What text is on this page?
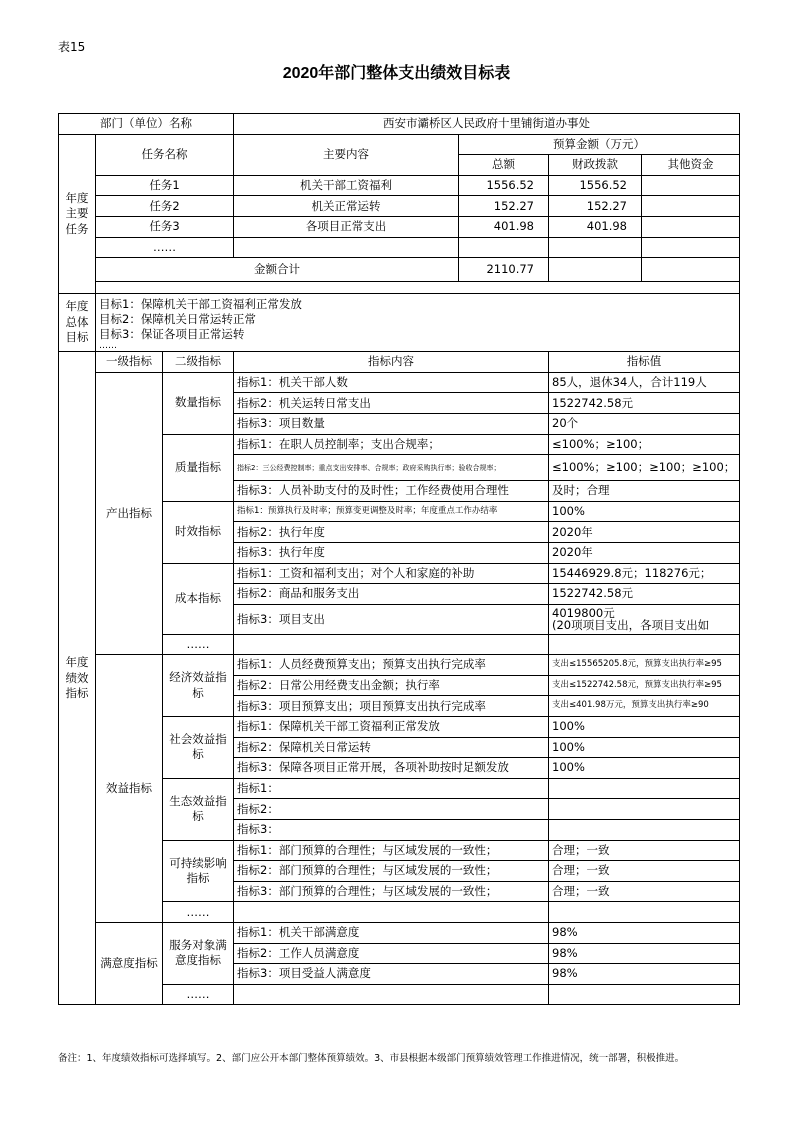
表15
2020年部门整体支出绩效目标表
部门（单位）名称			西安市灞桥区人民政府十里铺街道办事处			
年度主要任务	任务名称		主要内容	预算金额（万元）		
				总额	财政拨款	其他资金
	任务1		机关干部工资福利	1556.52	1556.52	
	任务2		机关正常运转	152.27	152.27	
	任务3		各项目正常支出	401.98	401.98	
	……					
	金额合计			2110.77		

年度总体目标	目标1：保障机关干部工资福利正常发放
目标2：保障机关日常运转正常
目标3：保证各项目正常运转
……					

年度绩效指标	一级指标	二级指标	指标内容		指标值	
	产出指标	数量指标	指标1：机关干部人数		85人，退休34人，合计119人	
			指标2：机关运转日常支出		1522742.58元	
			指标3：项目数量		20个	
		质量指标	指标1：在职人员控制率；支出合规率；		≤100%；≥100；	
			指标2：三公经费控制率；重点支出安排率、合规率；政府采购执行率；验收合规率；		≤100%；≥100；≥100；≥100；	
			指标3：人员补助支付的及时性；工作经费使用合理性		及时；合理	
		时效指标	指标1：预算执行及时率；预算变更调整及时率；年度重点工作办结率		100%	
			指标2：执行年度		2020年	
			指标3：执行年度		2020年	
		成本指标	指标1：工资和福利支出；对个人和家庭的补助		15446929.8元；118276元；	
			指标2：商品和服务支出		1522742.58元	
			指标3：项目支出		4019800元
(20项项目支出，各项目支出如	

		……				
	效益指标	经济效益指标	指标1：人员经费预算支出；预算支出执行完成率		支出≤15565205.8元，预算支出执行率≥95	
			指标2：日常公用经费支出金额；执行率		支出≤1522742.58元，预算支出执行率≥95	
			指标3：项目预算支出；项目预算支出执行完成率		支出≤401.98万元，预算支出执行率≥90	
		社会效益指标	指标1：保障机关干部工资福利正常发放		100%	
			指标2：保障机关日常运转		100%	
			指标3：保障各项目正常开展，各项补助按时足额发放		100%	
		生态效益指标	指标1：			
			指标2：			
			指标3：			
		可持续影响指标	指标1：部门预算的合理性；与区域发展的一致性；		合理；一致	
			指标2：部门预算的合理性；与区域发展的一致性；		合理；一致	
			指标3：部门预算的合理性；与区域发展的一致性；		合理；一致	
		……				
	满意度指标	服务对象满意度指标	指标1：机关干部满意度		98%	
			指标2：工作人员满意度		98%	
			指标3：项目受益人满意度		98%	
		……				
备注：1、年度绩效指标可选择填写。2、部门应公开本部门整体预算绩效。3、市县根据本级部门预算绩效管理工作推进情况，统一部署，积极推进。
